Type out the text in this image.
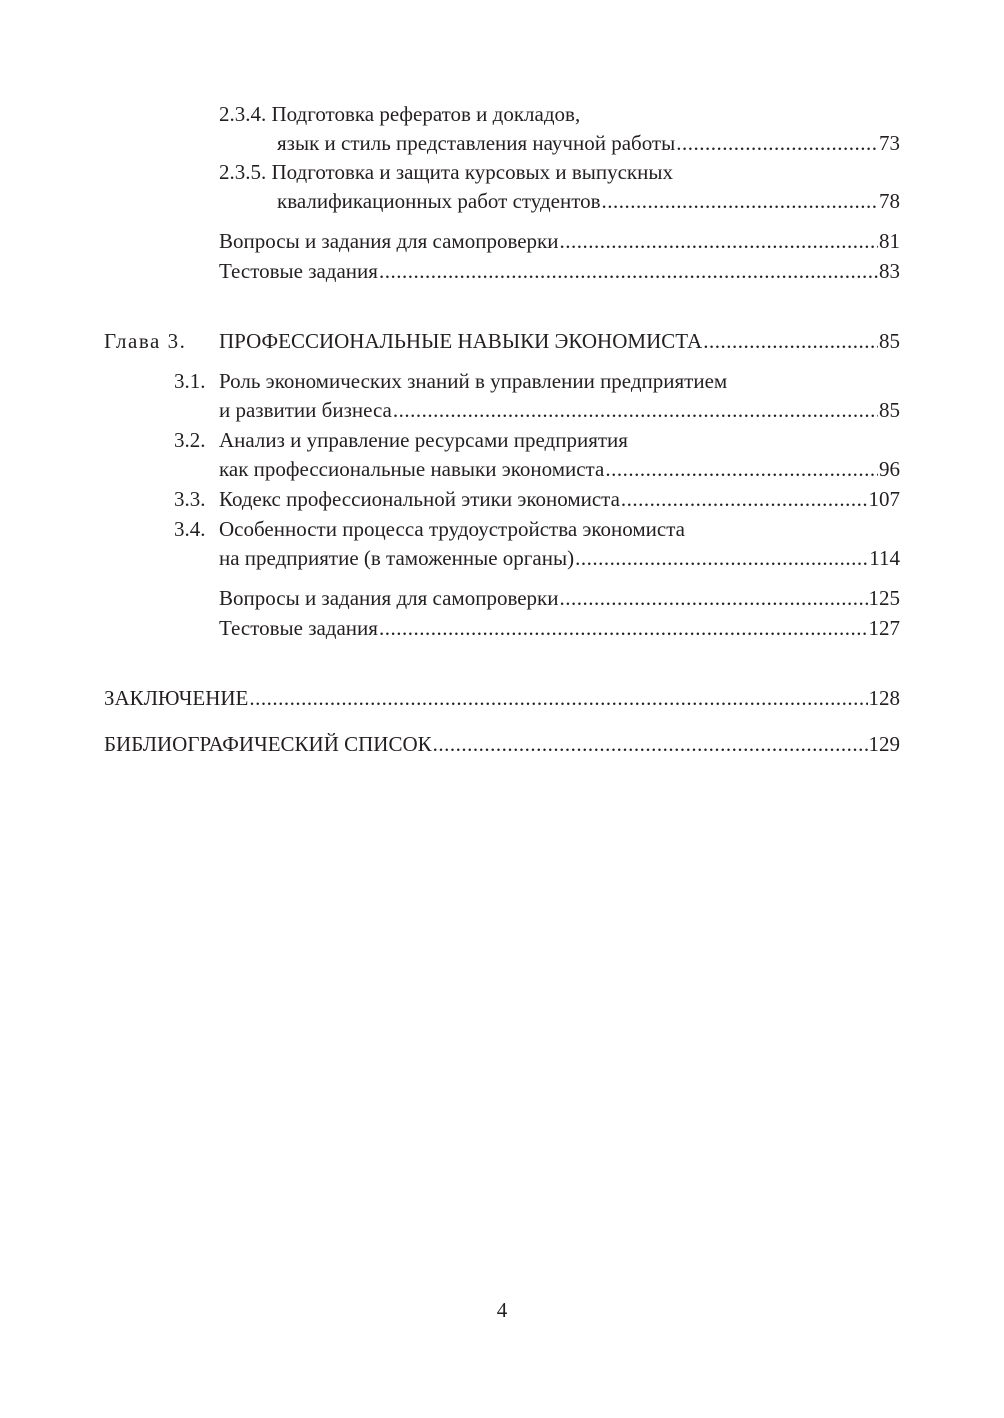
2.3.4. Подготовка рефератов и докладов,
язык и стиль представления научной работы .....	73
2.3.5. Подготовка и защита курсовых и выпускных
квалификационных работ студентов .....	78
Вопросы и задания для самопроверки .....	81
Тестовые задания .....	83
Глава 3. ПРОФЕССИОНАЛЬНЫЕ НАВЫКИ ЭКОНОМИСТА .....	85
3.1. Роль экономических знаний в управлении предприятием
и развитии бизнеса .....	85
3.2. Анализ и управление ресурсами предприятия
как профессиональные навыки экономиста .....	96
3.3. Кодекс профессиональной этики экономиста .....	107
3.4. Особенности процесса трудоустройства экономиста
на предприятие (в таможенные органы) .....	114
Вопросы и задания для самопроверки .....	125
Тестовые задания .....	127
ЗАКЛЮЧЕНИЕ .....	128
БИБЛИОГРАФИЧЕСКИЙ СПИСОК .....	129
4
